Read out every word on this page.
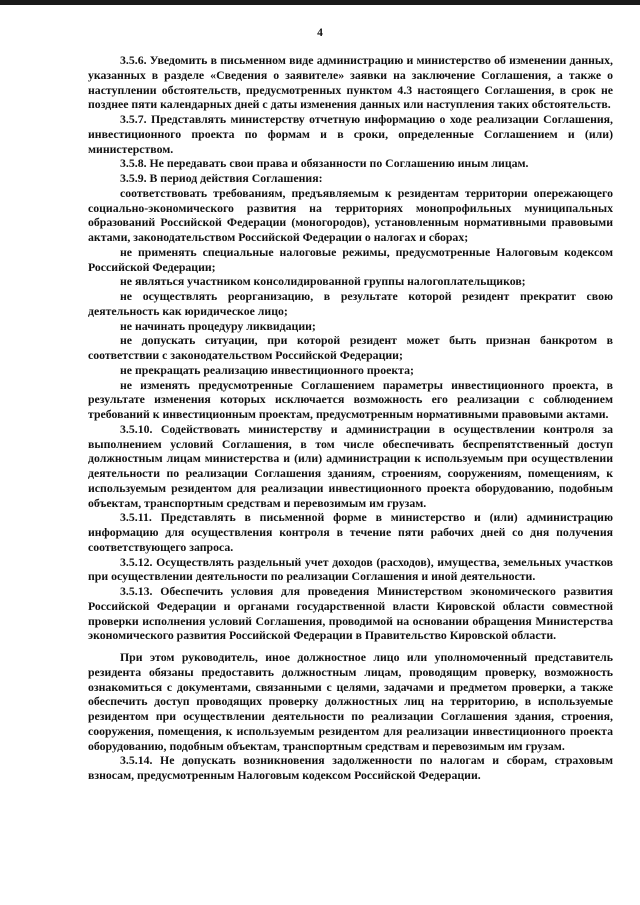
4

3.5.6. Уведомить в письменном виде администрацию и министерство об изменении данных, указанных в разделе «Сведения о заявителе» заявки на заключение Соглашения, а также о наступлении обстоятельств, предусмотренных пунктом 4.3 настоящего Соглашения, в срок не позднее пяти календарных дней с даты изменения данных или наступления таких обстоятельств.

3.5.7. Представлять министерству отчетную информацию о ходе реализации Соглашения, инвестиционного проекта по формам и в сроки, определенные Соглашением и (или) министерством.

3.5.8. Не передавать свои права и обязанности по Соглашению иным лицам.

3.5.9. В период действия Соглашения:

соответствовать требованиям, предъявляемым к резидентам территории опережающего социально-экономического развития на территориях монопрофильных муниципальных образований Российской Федерации (моногородов), установленным нормативными правовыми актами, законодательством Российской Федерации о налогах и сборах;

не применять специальные налоговые режимы, предусмотренные Налоговым кодексом Российской Федерации;

не являться участником консолидированной группы налогоплательщиков;

не осуществлять реорганизацию, в результате которой резидент прекратит свою деятельность как юридическое лицо;

не начинать процедуру ликвидации;

не допускать ситуации, при которой резидент может быть признан банкротом в соответствии с законодательством Российской Федерации;

не прекращать реализацию инвестиционного проекта;

не изменять предусмотренные Соглашением параметры инвестиционного проекта, в результате изменения которых исключается возможность его реализации с соблюдением требований к инвестиционным проектам, предусмотренным нормативными правовыми актами.

3.5.10. Содействовать министерству и администрации в осуществлении контроля за выполнением условий Соглашения, в том числе обеспечивать беспрепятственный доступ должностным лицам министерства и (или) администрации к используемым при осуществлении деятельности по реализации Соглашения зданиям, строениям, сооружениям, помещениям, к используемым резидентом для реализации инвестиционного проекта оборудованию, подобным объектам, транспортным средствам и перевозимым им грузам.

3.5.11. Представлять в письменной форме в министерство и (или) администрацию информацию для осуществления контроля в течение пяти рабочих дней со дня получения соответствующего запроса.

3.5.12. Осуществлять раздельный учет доходов (расходов), имущества, земельных участков при осуществлении деятельности по реализации Соглашения и иной деятельности.

3.5.13. Обеспечить условия для проведения Министерством экономического развития Российской Федерации и органами государственной власти Кировской области совместной проверки исполнения условий Соглашения, проводимой на основании обращения Министерства экономического развития Российской Федерации в Правительство Кировской области.

При этом руководитель, иное должностное лицо или уполномоченный представитель резидента обязаны предоставить должностным лицам, проводящим проверку, возможность ознакомиться с документами, связанными с целями, задачами и предметом проверки, а также обеспечить доступ проводящих проверку должностных лиц на территорию, в используемые резидентом при осуществлении деятельности по реализации Соглашения здания, строения, сооружения, помещения, к используемым резидентом для реализации инвестиционного проекта оборудованию, подобным объектам, транспортным средствам и перевозимым им грузам.

3.5.14. Не допускать возникновения задолженности по налогам и сборам, страховым взносам, предусмотренным Налоговым кодексом Российской Федерации.
